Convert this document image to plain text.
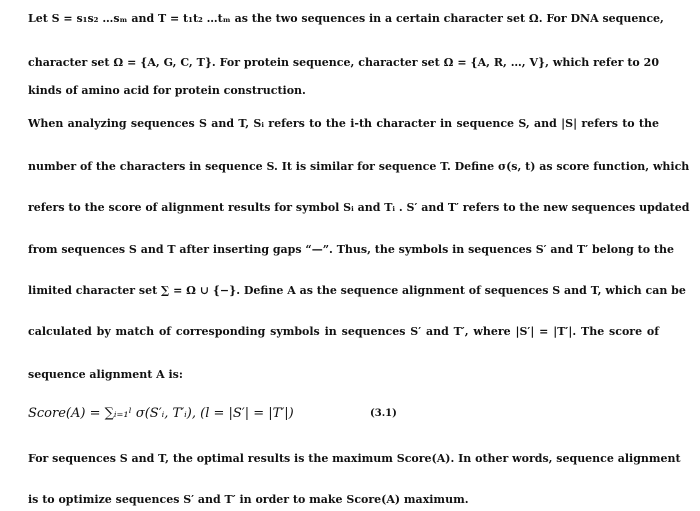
Let S = s₁s₂ …sₘ and T = t₁t₂ …tₘ as the two sequences in a certain character set Ω. For DNA sequence,
character set Ω = {A, G, C, T}. For protein sequence, character set Ω = {A, R, …, V}, which refer to 20
kinds of amino acid for protein construction.
When analyzing sequences S and T, Sᵢ refers to the i-th character in sequence S, and |S| refers to the
number of the characters in sequence S. It is similar for sequence T. Define σ(s, t) as score function, which
refers to the score of alignment results for symbol Sᵢ and Tᵢ . S′ and T′ refers to the new sequences updated
from sequences S and T after inserting gaps “—”. Thus, the symbols in sequences S′ and T′ belong to the
limited character set ∑ = Ω ∪ {−}. Define A as the sequence alignment of sequences S and T, which can be
calculated by match of corresponding symbols in sequences S′ and T′, where |S′| = |T′|. The score of
sequence alignment A is:
Score(A) = ∑ᵢ₌₁ˡ σ(S′ᵢ, T′ᵢ), (l = |S′| = |T′|)	(3.1)
For sequences S and T, the optimal results is the maximum Score(A). In other words, sequence alignment
is to optimize sequences S′ and T′ in order to make Score(A) maximum.
